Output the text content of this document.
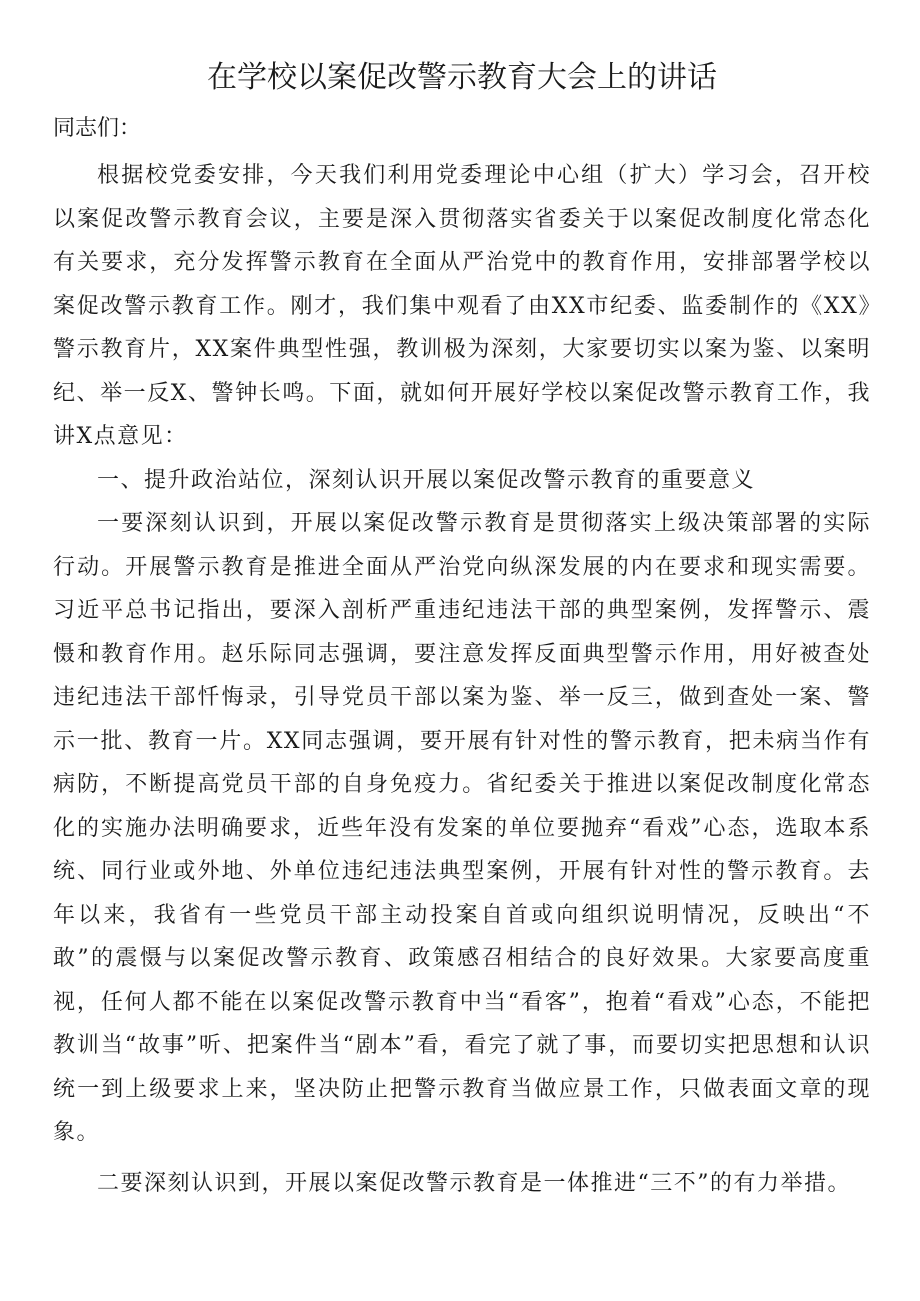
在学校以案促改警示教育大会上的讲话

同志们：

根据校党委安排，今天我们利用党委理论中心组（扩大）学习会，召开校以案促改警示教育会议，主要是深入贯彻落实省委关于以案促改制度化常态化有关要求，充分发挥警示教育在全面从严治党中的教育作用，安排部署学校以案促改警示教育工作。刚才，我们集中观看了由XX市纪委、监委制作的《XX》警示教育片，XX案件典型性强，教训极为深刻，大家要切实以案为鉴、以案明纪、举一反X、警钟长鸣。下面，就如何开展好学校以案促改警示教育工作，我讲X点意见：

一、提升政治站位，深刻认识开展以案促改警示教育的重要意义

一要深刻认识到，开展以案促改警示教育是贯彻落实上级决策部署的实际行动。开展警示教育是推进全面从严治党向纵深发展的内在要求和现实需要。习近平总书记指出，要深入剖析严重违纪违法干部的典型案例，发挥警示、震慑和教育作用。赵乐际同志强调，要注意发挥反面典型警示作用，用好被查处违纪违法干部忏悔录，引导党员干部以案为鉴、举一反三，做到查处一案、警示一批、教育一片。XX同志强调，要开展有针对性的警示教育，把未病当作有病防，不断提高党员干部的自身免疫力。省纪委关于推进以案促改制度化常态化的实施办法明确要求，近些年没有发案的单位要抛弃“看戏”心态，选取本系统、同行业或外地、外单位违纪违法典型案例，开展有针对性的警示教育。去年以来，我省有一些党员干部主动投案自首或向组织说明情况，反映出“不敢”的震慑与以案促改警示教育、政策感召相结合的良好效果。大家要高度重视，任何人都不能在以案促改警示教育中当“看客”，抱着“看戏”心态，不能把教训当“故事”听、把案件当“剧本”看，看完了就了事，而要切实把思想和认识统一到上级要求上来，坚决防止把警示教育当做应景工作，只做表面文章的现象。

二要深刻认识到，开展以案促改警示教育是一体推进“三不”的有力举措。
